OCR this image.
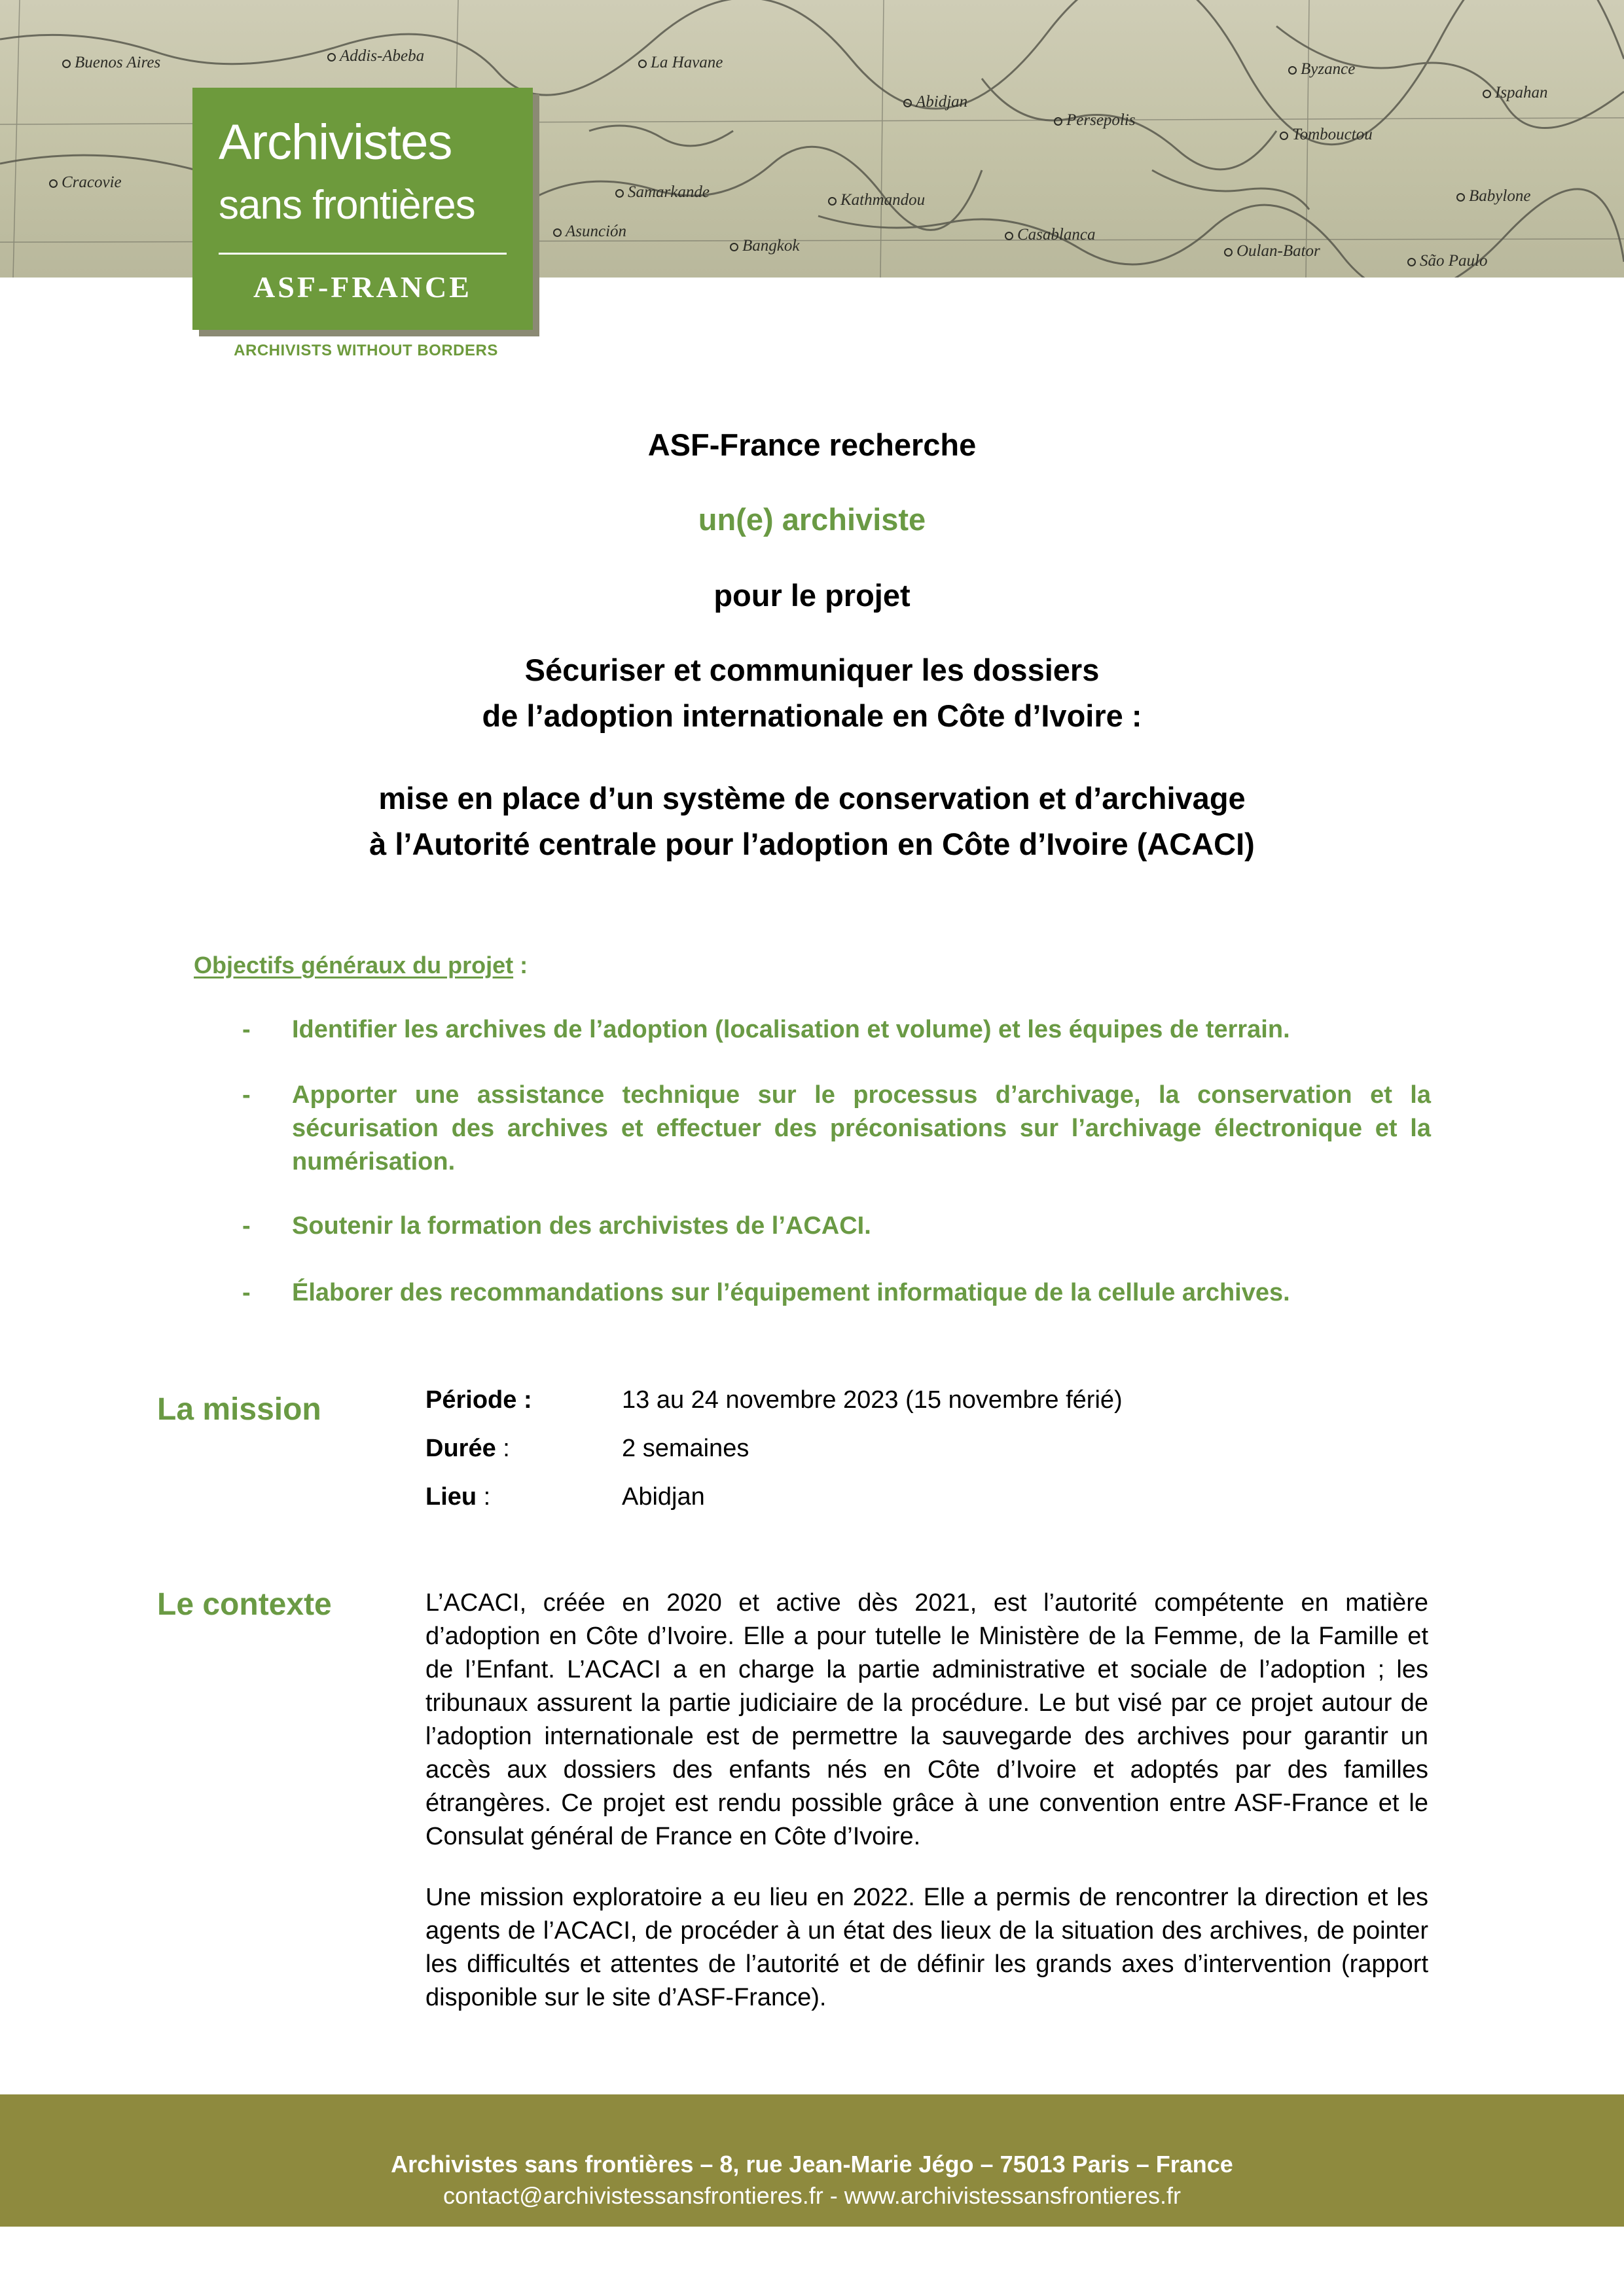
Buenos Aires	Addis-Abeba	La Havane
Abidjan
Byzance
Ispahan
Persepolis
Tombouctou
Cracovie
Samarkande	Kathmandou	Babylone
Asunción
Bangkok
Casablanca
Oulan-Bator
São Paulo
Archivistes
sans frontières
ASF-FRANCE
ARCHIVISTS WITHOUT BORDERS
ASF-France recherche
un(e) archiviste
pour le projet
Sécuriser et communiquer les dossiers
de l’adoption internationale en Côte d’Ivoire :
mise en place d’un système de conservation et d’archivage
à l’Autorité centrale pour l’adoption en Côte d’Ivoire (ACACI)
Objectifs généraux du projet :
- Identifier les archives de l’adoption (localisation et volume) et les équipes de terrain.
- Apporter une assistance technique sur le processus d’archivage, la conservation et la sécurisation des archives et effectuer des préconisations sur l’archivage électronique et la numérisation.
- Soutenir la formation des archivistes de l’ACACI.
- Élaborer des recommandations sur l’équipement informatique de la cellule archives.
La mission	Période :	13 au 24 novembre 2023 (15 novembre férié)
Durée :	2 semaines
Lieu :	Abidjan
Le contexte	L’ACACI, créée en 2020 et active dès 2021, est l’autorité compétente en matière d’adoption en Côte d’Ivoire. Elle a pour tutelle le Ministère de la Femme, de la Famille et de l’Enfant. L’ACACI a en charge la partie administrative et sociale de l’adoption ; les tribunaux assurent la partie judiciaire de la procédure. Le but visé par ce projet autour de l’adoption internationale est de permettre la sauvegarde des archives pour garantir un accès aux dossiers des enfants nés en Côte d’Ivoire et adoptés par des familles étrangères. Ce projet est rendu possible grâce à une convention entre ASF-France et le Consulat général de France en Côte d’Ivoire.
Une mission exploratoire a eu lieu en 2022. Elle a permis de rencontrer la direction et les agents de l’ACACI, de procéder à un état des lieux de la situation des archives, de pointer les difficultés et attentes de l’autorité et de définir les grands axes d’intervention (rapport disponible sur le site d’ASF-France).
Archivistes sans frontières – 8, rue Jean-Marie Jégo – 75013 Paris – France
contact@archivistessansfrontieres.fr - www.archivistessansfrontieres.fr
